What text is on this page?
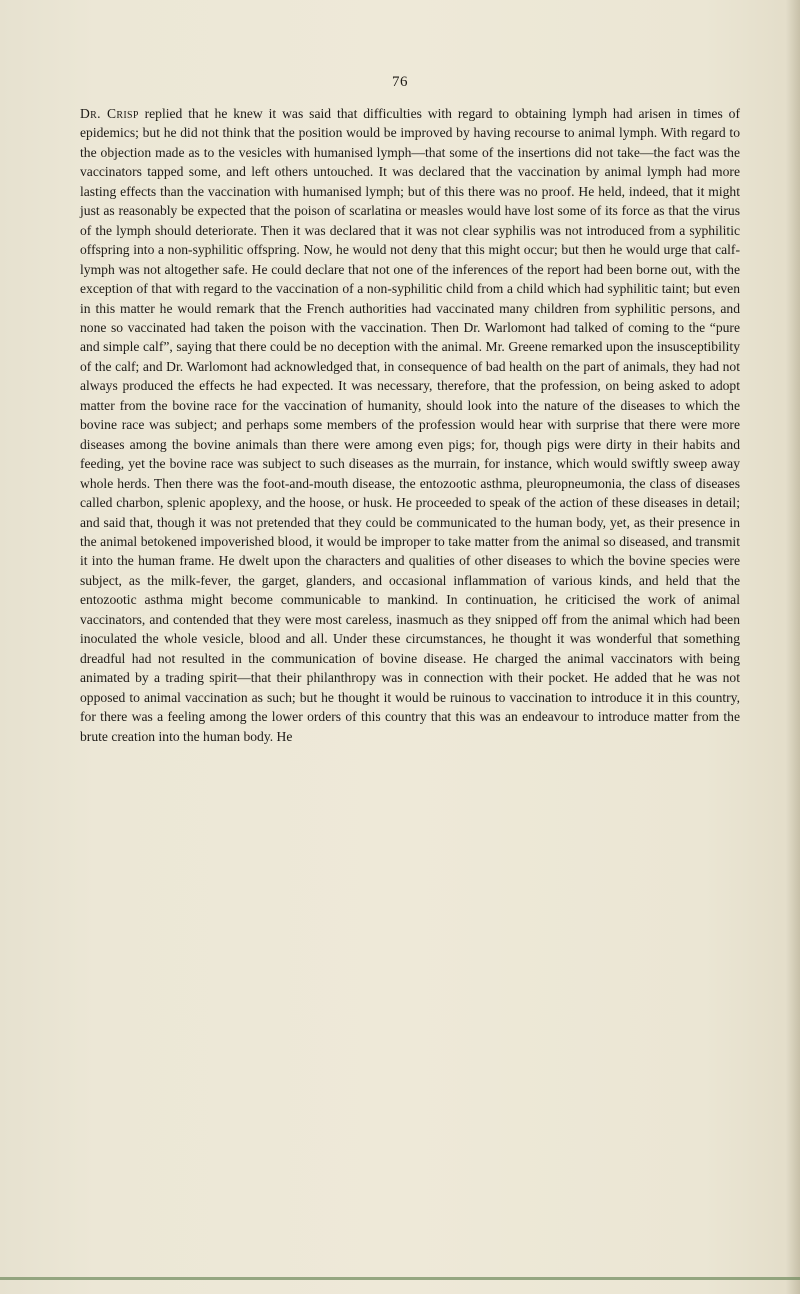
76

Dr. Crisp replied that he knew it was said that difficulties with regard to obtaining lymph had arisen in times of epidemics; but he did not think that the position would be improved by having recourse to animal lymph. With regard to the objection made as to the vesicles with humanised lymph—that some of the insertions did not take—the fact was the vaccinators tapped some, and left others untouched. It was declared that the vaccination by animal lymph had more lasting effects than the vaccination with humanised lymph; but of this there was no proof. He held, indeed, that it might just as reasonably be expected that the poison of scarlatina or measles would have lost some of its force as that the virus of the lymph should deteriorate. Then it was declared that it was not clear syphilis was not introduced from a syphilitic offspring into a non-syphilitic offspring. Now, he would not deny that this might occur; but then he would urge that calf-lymph was not altogether safe. He could declare that not one of the inferences of the report had been borne out, with the exception of that with regard to the vaccination of a non-syphilitic child from a child which had syphilitic taint; but even in this matter he would remark that the French authorities had vaccinated many children from syphilitic persons, and none so vaccinated had taken the poison with the vaccination. Then Dr. Warlomont had talked of coming to the “pure and simple calf”, saying that there could be no deception with the animal. Mr. Greene remarked upon the insusceptibility of the calf; and Dr. Warlomont had acknowledged that, in consequence of bad health on the part of animals, they had not always produced the effects he had expected. It was necessary, therefore, that the profession, on being asked to adopt matter from the bovine race for the vaccination of humanity, should look into the nature of the diseases to which the bovine race was subject; and perhaps some members of the profession would hear with surprise that there were more diseases among the bovine animals than there were among even pigs; for, though pigs were dirty in their habits and feeding, yet the bovine race was subject to such diseases as the murrain, for instance, which would swiftly sweep away whole herds. Then there was the foot-and-mouth disease, the entozootic asthma, pleuropneumonia, the class of diseases called charbon, splenic apoplexy, and the hoose, or husk. He proceeded to speak of the action of these diseases in detail; and said that, though it was not pretended that they could be communicated to the human body, yet, as their presence in the animal betokened impoverished blood, it would be improper to take matter from the animal so diseased, and transmit it into the human frame. He dwelt upon the characters and qualities of other diseases to which the bovine species were subject, as the milk-fever, the garget, glanders, and occasional inflammation of various kinds, and held that the entozootic asthma might become communicable to mankind. In continuation, he criticised the work of animal vaccinators, and contended that they were most careless, inasmuch as they snipped off from the animal which had been inoculated the whole vesicle, blood and all. Under these circumstances, he thought it was wonderful that something dreadful had not resulted in the communication of bovine disease. He charged the animal vaccinators with being animated by a trading spirit—that their philanthropy was in connection with their pocket. He added that he was not opposed to animal vaccination as such; but he thought it would be ruinous to vaccination to introduce it in this country, for there was a feeling among the lower orders of this country that this was an endeavour to introduce matter from the brute creation into the human body. He
